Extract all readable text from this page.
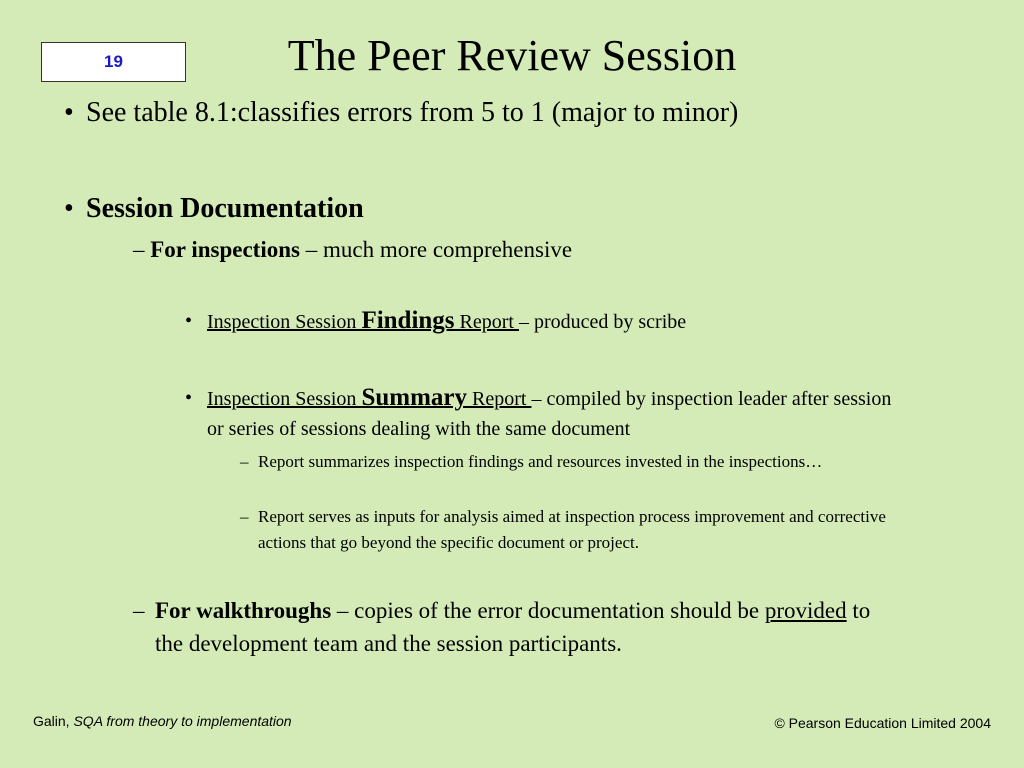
19	The Peer Review Session
• See table 8.1:classifies errors from 5 to 1 (major to minor)
• Session Documentation
– For inspections – much more comprehensive
• Inspection Session Findings Report – produced by scribe
• Inspection Session Summary Report – compiled by inspection leader after session or series of sessions dealing with the same document
– Report summarizes inspection findings and resources invested in the inspections…
– Report serves as inputs for analysis aimed at inspection process improvement and corrective actions that go beyond the specific document or project.
– For walkthroughs – copies of the error documentation should be provided to the development team and the session participants.
Galin, SQA from theory to implementation	© Pearson Education Limited 2004
